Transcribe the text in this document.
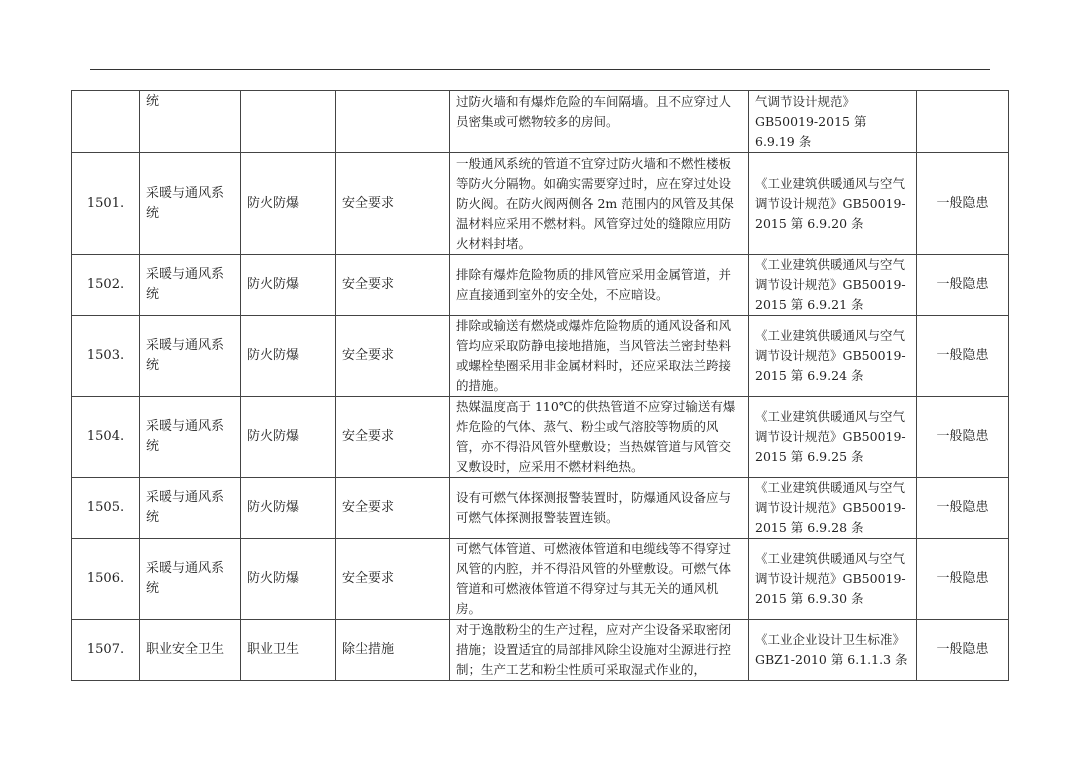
	统			过防火墙和有爆炸危险的车间隔墙。且不应穿过人员密集或可燃物较多的房间。	气调节设计规范》GB50019-2015 第 6.9.19 条	
1501.	采暖与通风系统	防火防爆	安全要求	一般通风系统的管道不宜穿过防火墙和不燃性楼板等防火分隔物。如确实需要穿过时，应在穿过处设防火阀。在防火阀两侧各 2m 范围内的风管及其保温材料应采用不燃材料。风管穿过处的缝隙应用防火材料封堵。	《工业建筑供暖通风与空气调节设计规范》GB50019-2015 第 6.9.20 条	一般隐患
1502.	采暖与通风系统	防火防爆	安全要求	排除有爆炸危险物质的排风管应采用金属管道，并应直接通到室外的安全处，不应暗设。	《工业建筑供暖通风与空气调节设计规范》GB50019-2015 第 6.9.21 条	一般隐患
1503.	采暖与通风系统	防火防爆	安全要求	排除或输送有燃烧或爆炸危险物质的通风设备和风管均应采取防静电接地措施，当风管法兰密封垫料或螺栓垫圈采用非金属材料时，还应采取法兰跨接的措施。	《工业建筑供暖通风与空气调节设计规范》GB50019-2015 第 6.9.24 条	一般隐患
1504.	采暖与通风系统	防火防爆	安全要求	热媒温度高于 110℃的供热管道不应穿过输送有爆炸危险的气体、蒸气、粉尘或气溶胶等物质的风管，亦不得沿风管外壁敷设；当热媒管道与风管交叉敷设时，应采用不燃材料绝热。	《工业建筑供暖通风与空气调节设计规范》GB50019-2015 第 6.9.25 条	一般隐患
1505.	采暖与通风系统	防火防爆	安全要求	设有可燃气体探测报警装置时，防爆通风设备应与可燃气体探测报警装置连锁。	《工业建筑供暖通风与空气调节设计规范》GB50019-2015 第 6.9.28 条	一般隐患
1506.	采暖与通风系统	防火防爆	安全要求	可燃气体管道、可燃液体管道和电缆线等不得穿过风管的内腔，并不得沿风管的外壁敷设。可燃气体管道和可燃液体管道不得穿过与其无关的通风机房。	《工业建筑供暖通风与空气调节设计规范》GB50019-2015 第 6.9.30 条	一般隐患
1507.	职业安全卫生	职业卫生	除尘措施	对于逸散粉尘的生产过程，应对产尘设备采取密闭措施；设置适宜的局部排风除尘设施对尘源进行控制；生产工艺和粉尘性质可采取湿式作业的，	《工业企业设计卫生标准》GBZ1-2010 第 6.1.1.3 条	一般隐患
